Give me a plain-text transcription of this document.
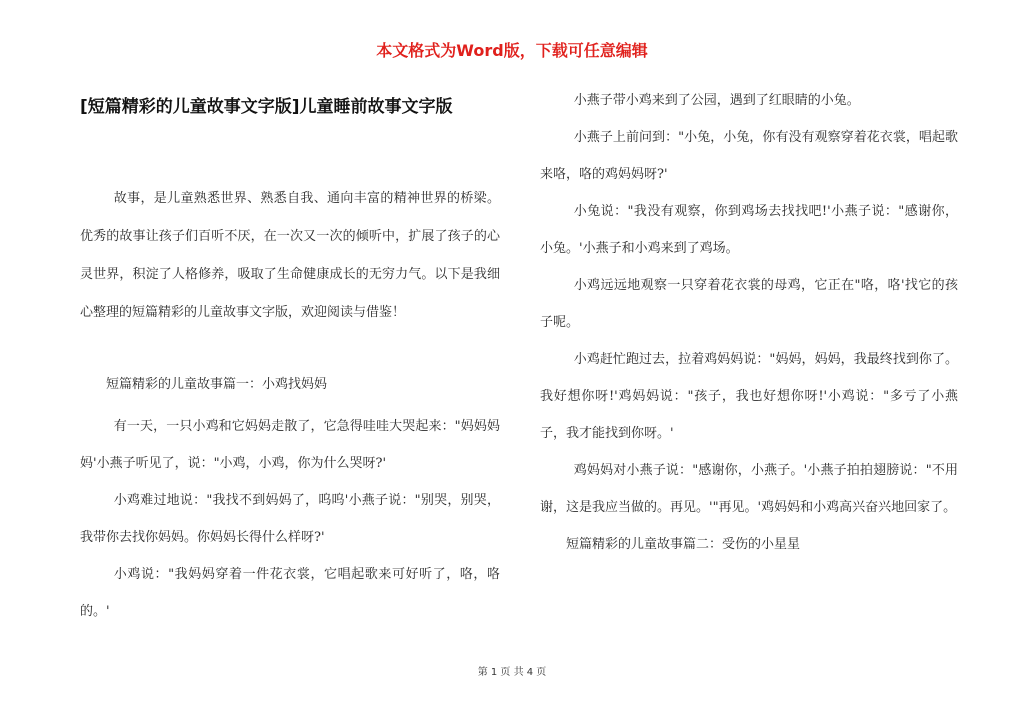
本文格式为Word版，下载可任意编辑
[短篇精彩的儿童故事文字版]儿童睡前故事文字版

故事，是儿童熟悉世界、熟悉自我、通向丰富的精神世界的桥梁。优秀的故事让孩子们百听不厌，在一次又一次的倾听中，扩展了孩子的心灵世界，积淀了人格修养，吸取了生命健康成长的无穷力气。以下是我细心整理的短篇精彩的儿童故事文字版，欢迎阅读与借鉴！

短篇精彩的儿童故事篇一：小鸡找妈妈

有一天，一只小鸡和它妈妈走散了，它急得哇哇大哭起来："妈妈妈妈'小燕子听见了，说："小鸡，小鸡，你为什么哭呀?'

小鸡难过地说："我找不到妈妈了，呜呜'小燕子说："别哭，别哭，我带你去找你妈妈。你妈妈长得什么样呀?'

小鸡说："我妈妈穿着一件花衣裳，它唱起歌来可好听了，咯，咯的。'

小燕子带小鸡来到了公园，遇到了红眼睛的小兔。

小燕子上前问到："小兔，小兔，你有没有观察穿着花衣裳，唱起歌来咯，咯的鸡妈妈呀?'

小兔说："我没有观察，你到鸡场去找找吧!'小燕子说："感谢你，小兔。'小燕子和小鸡来到了鸡场。

小鸡远远地观察一只穿着花衣裳的母鸡，它正在"咯，咯'找它的孩子呢。

小鸡赶忙跑过去，拉着鸡妈妈说："妈妈，妈妈，我最终找到你了。我好想你呀!'鸡妈妈说："孩子，我也好想你呀!'小鸡说："多亏了小燕子，我才能找到你呀。'

鸡妈妈对小燕子说："感谢你，小燕子。'小燕子拍拍翅膀说："不用谢，这是我应当做的。再见。'"再见。'鸡妈妈和小鸡高兴奋兴地回家了。

短篇精彩的儿童故事篇二：受伤的小星星

第 1 页 共 4 页
